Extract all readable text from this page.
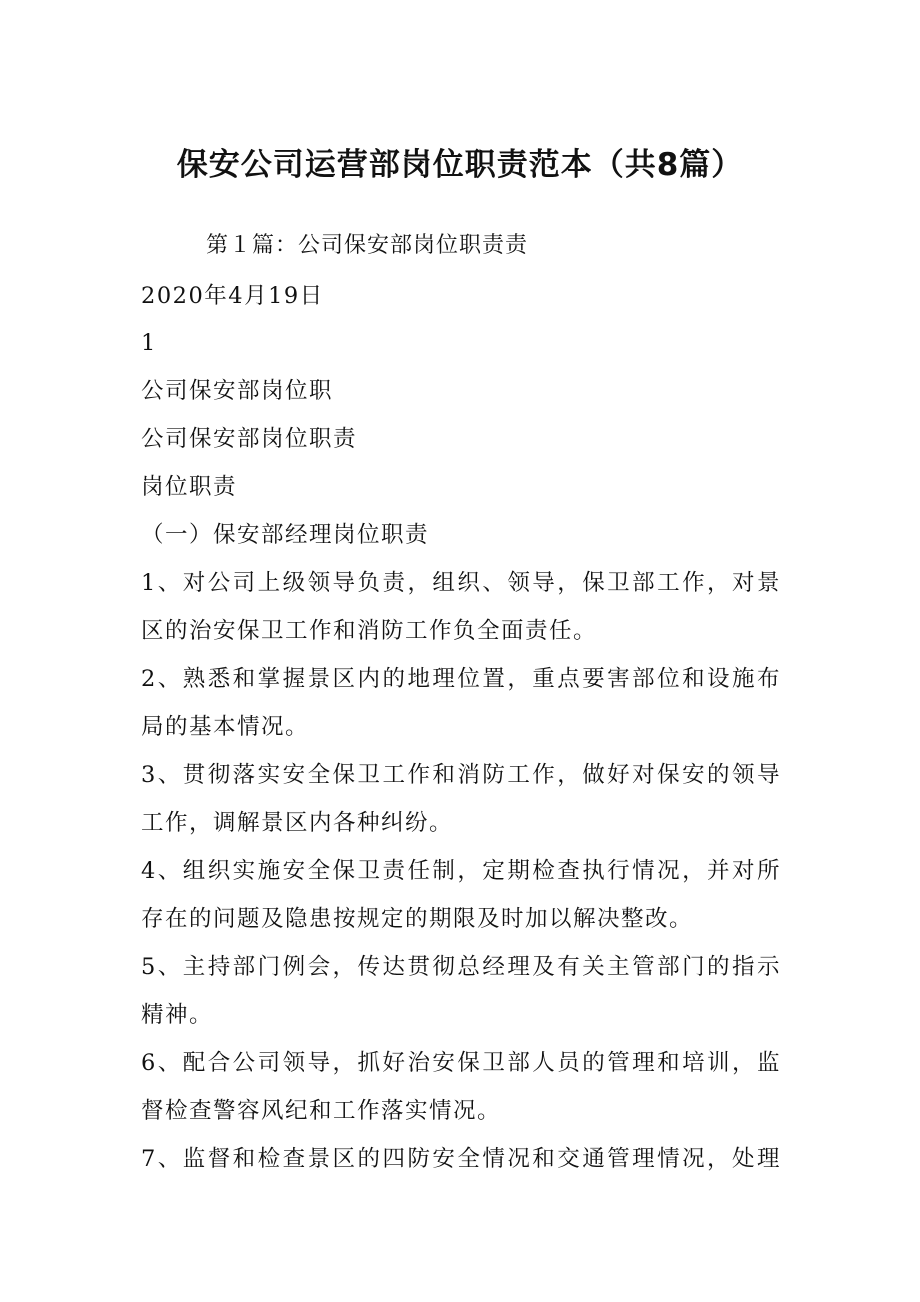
保安公司运营部岗位职责范本（共8篇）

第１篇：公司保安部岗位职责责

2020年4月19日

1

公司保安部岗位职

公司保安部岗位职责

岗位职责

（一）保安部经理岗位职责

1、对公司上级领导负责，组织、领导，保卫部工作，对景

区的治安保卫工作和消防工作负全面责任。

2、熟悉和掌握景区内的地理位置，重点要害部位和设施布

局的基本情况。

3、贯彻落实安全保卫工作和消防工作，做好对保安的领导

工作，调解景区内各种纠纷。

4、组织实施安全保卫责任制，定期检查执行情况，并对所

存在的问题及隐患按规定的期限及时加以解决整改。

5、主持部门例会，传达贯彻总经理及有关主管部门的指示

精神。

6、配合公司领导，抓好治安保卫部人员的管理和培训，监

督检查警容风纪和工作落实情况。

7、监督和检查景区的四防安全情况和交通管理情况，处理
